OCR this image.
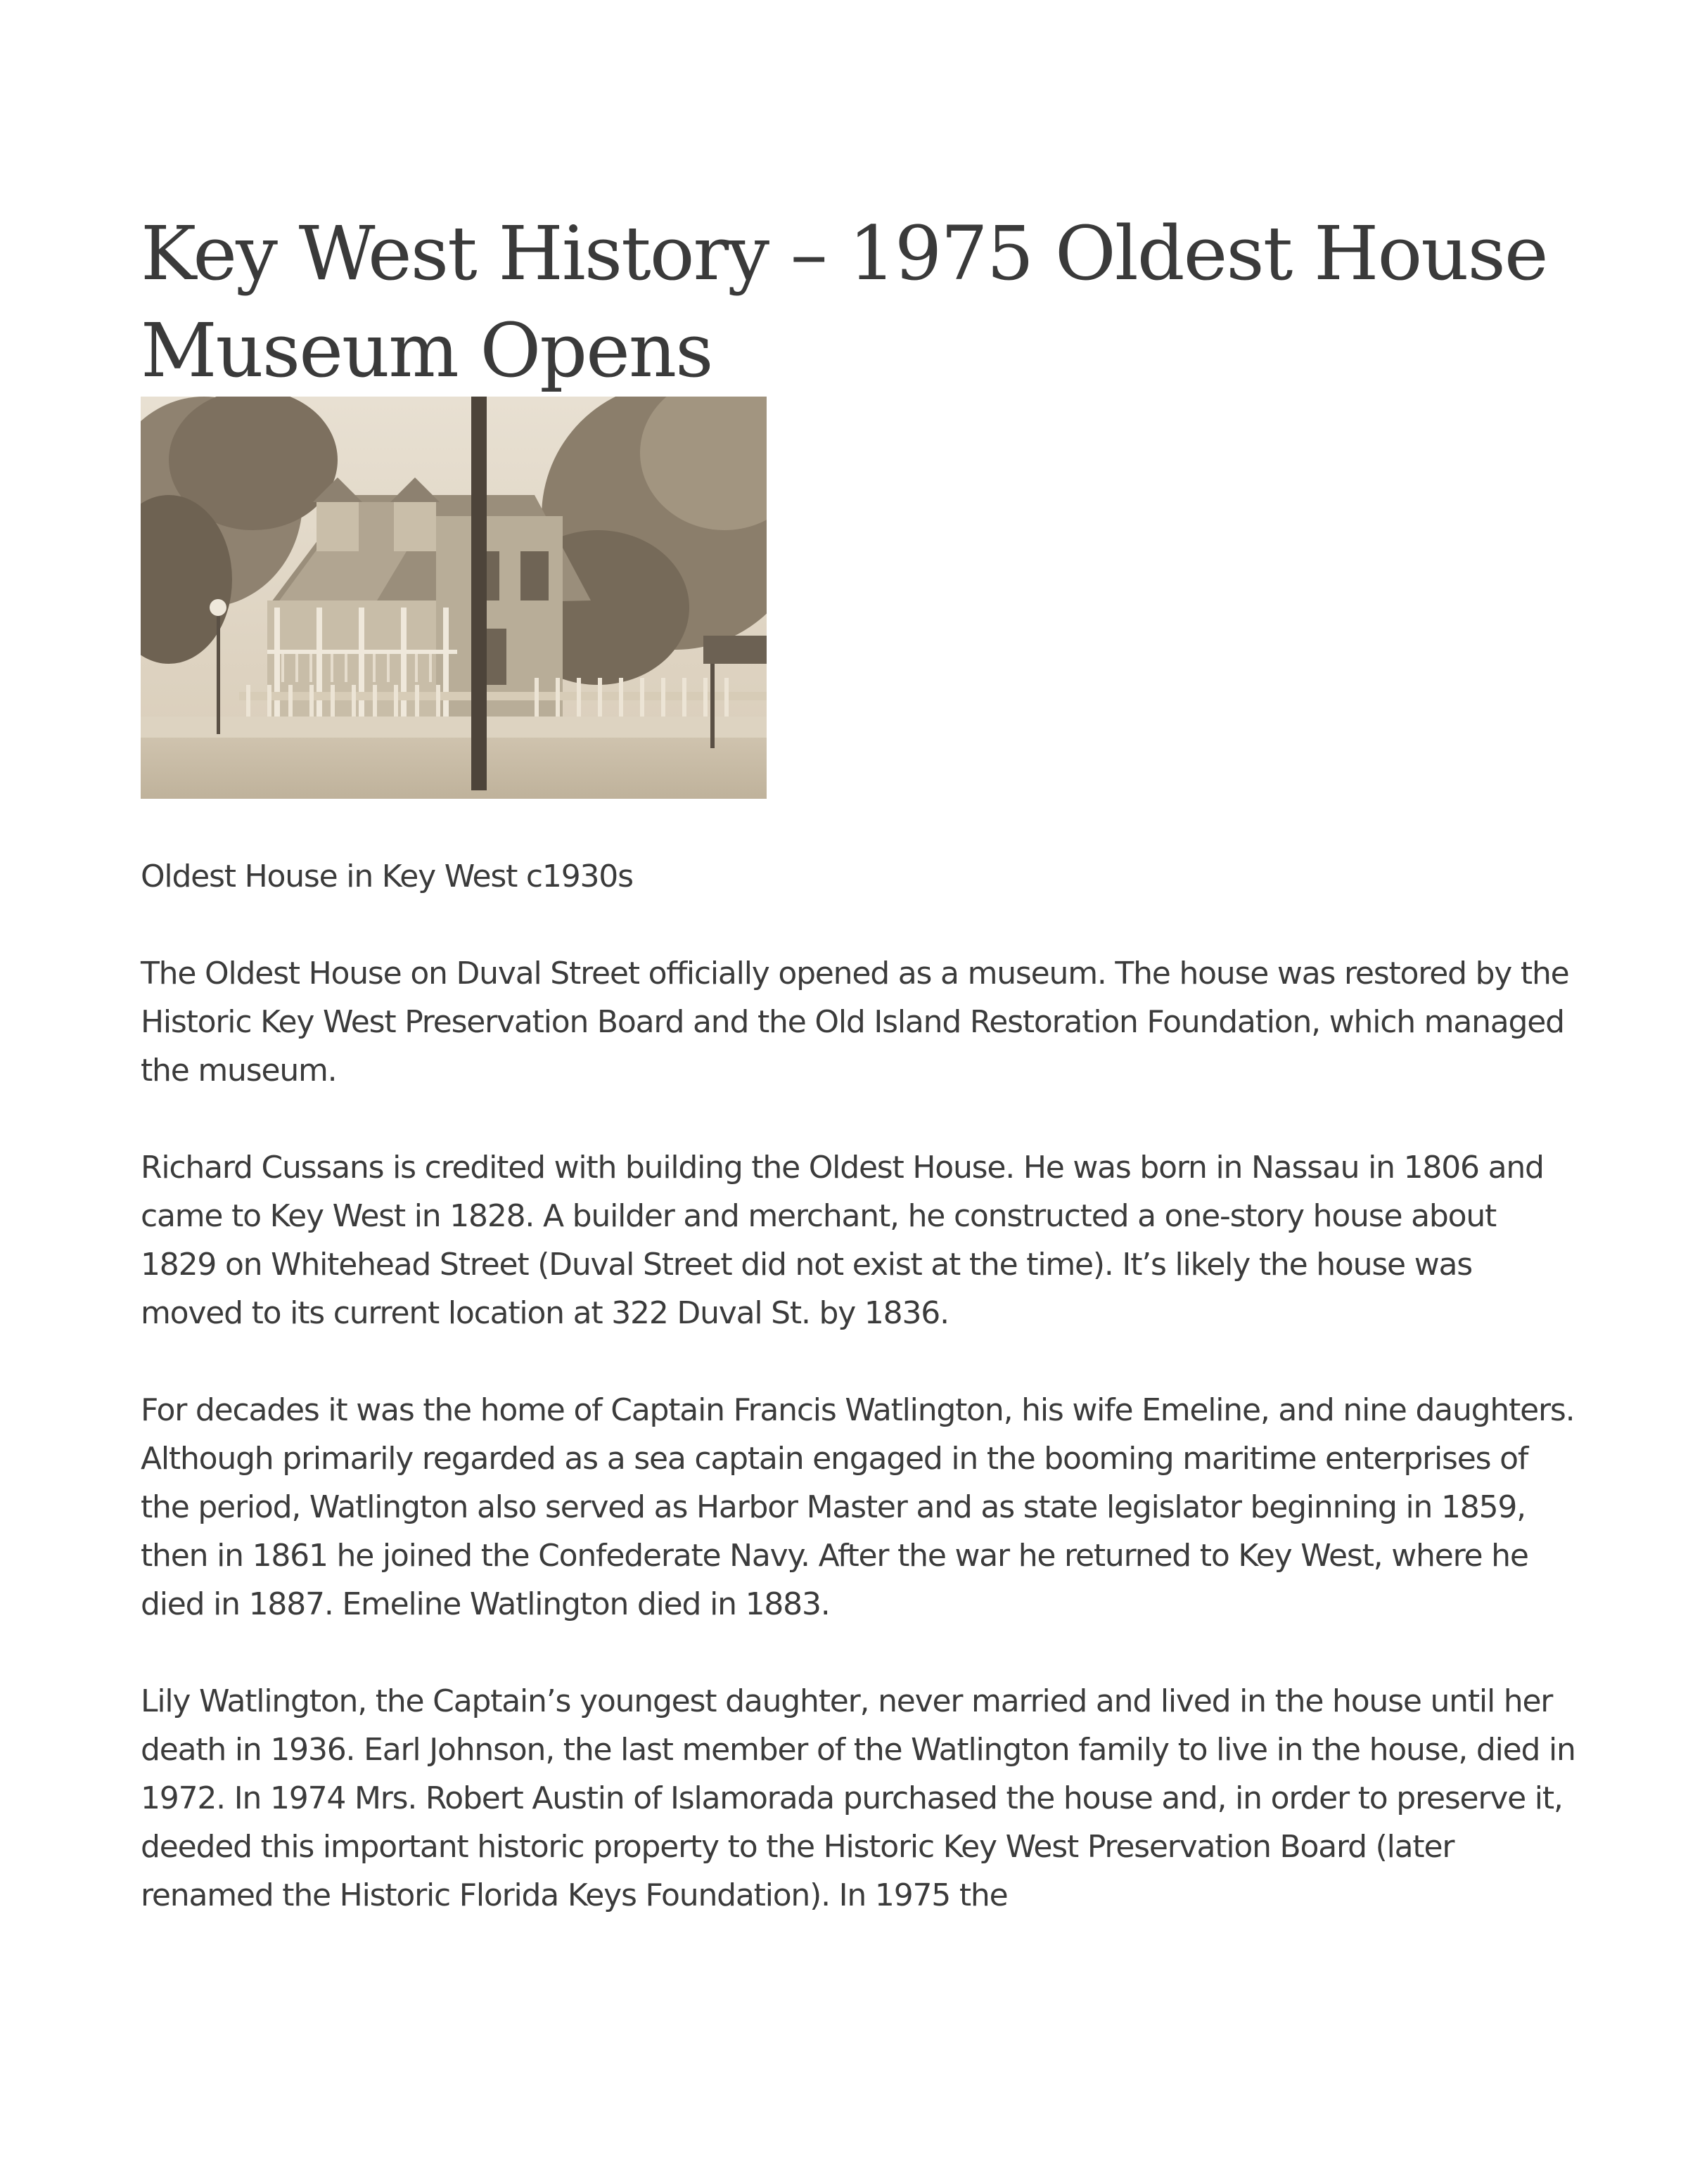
Key West History – 1975 Oldest House Museum Opens

Oldest House in Key West c1930s

The Oldest House on Duval Street officially opened as a museum. The house was restored by the Historic Key West Preservation Board and the Old Island Restoration Foundation, which managed the museum.

Richard Cussans is credited with building the Oldest House. He was born in Nassau in 1806 and came to Key West in 1828. A builder and merchant, he constructed a one-story house about 1829 on Whitehead Street (Duval Street did not exist at the time). It’s likely the house was moved to its current location at 322 Duval St. by 1836.

For decades it was the home of Captain Francis Watlington, his wife Emeline, and nine daughters. Although primarily regarded as a sea captain engaged in the booming maritime enterprises of the period, Watlington also served as Harbor Master and as state legislator beginning in 1859, then in 1861 he joined the Confederate Navy. After the war he returned to Key West, where he died in 1887. Emeline Watlington died in 1883.

Lily Watlington, the Captain’s youngest daughter, never married and lived in the house until her death in 1936. Earl Johnson, the last member of the Watlington family to live in the house, died in 1972. In 1974 Mrs. Robert Austin of Islamorada purchased the house and, in order to preserve it, deeded this important historic property to the Historic Key West Preservation Board (later renamed the Historic Florida Keys Foundation). In 1975 the
